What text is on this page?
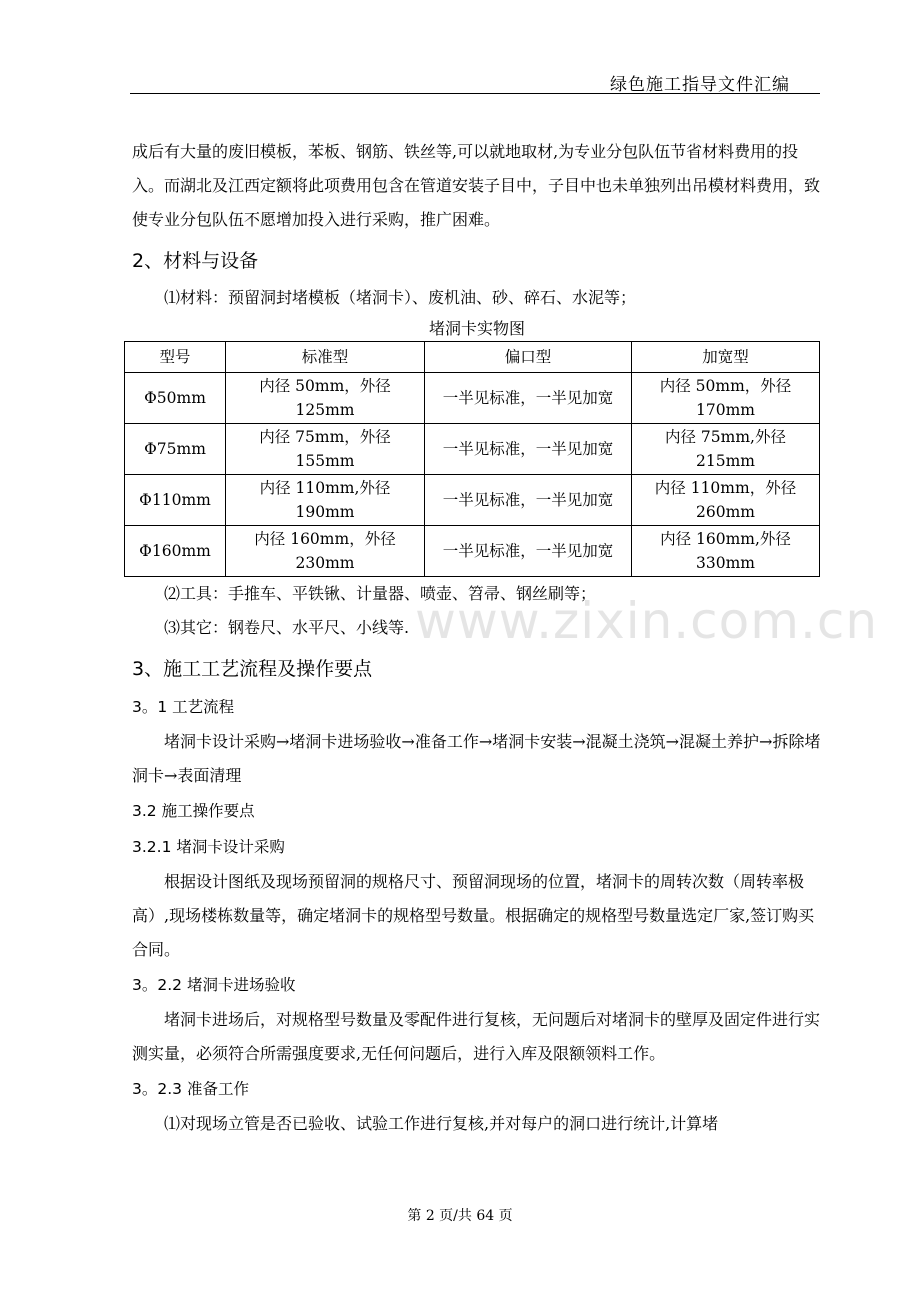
绿色施工指导文件汇编
www.zixin.com.cn

成后有大量的废旧模板，苯板、钢筋、铁丝等,可以就地取材,为专业分包队伍节省材料费用的投入。而湖北及江西定额将此项费用包含在管道安装子目中，子目中也未单独列出吊模材料费用，致使专业分包队伍不愿增加投入进行采购，推广困难。

2、材料与设备

⑴材料：预留洞封堵模板（堵洞卡）、废机油、砂、碎石、水泥等；

堵洞卡实物图
型号	标准型	偏口型	加宽型
Φ50mm	内径 50mm，外径 125mm	一半见标准，一半见加宽	内径 50mm，外径 170mm
Φ75mm	内径 75mm，外径 155mm	一半见标准，一半见加宽	内径 75mm,外径 215mm
Φ110mm	内径 110mm,外径 190mm	一半见标准，一半见加宽	内径 110mm，外径 260mm
Φ160mm	内径 160mm，外径 230mm	一半见标准，一半见加宽	内径 160mm,外径 330mm

⑵工具：手推车、平铁锹、计量器、喷壶、笤帚、钢丝刷等；

⑶其它：钢卷尺、水平尺、小线等.

3、施工工艺流程及操作要点
3。1 工艺流程

堵洞卡设计采购→堵洞卡进场验收→准备工作→堵洞卡安装→混凝土浇筑→混凝土养护→拆除堵洞卡→表面清理

3.2 施工操作要点
3.2.1 堵洞卡设计采购

根据设计图纸及现场预留洞的规格尺寸、预留洞现场的位置，堵洞卡的周转次数（周转率极高）,现场楼栋数量等，确定堵洞卡的规格型号数量。根据确定的规格型号数量选定厂家,签订购买合同。

3。2.2 堵洞卡进场验收

堵洞卡进场后，对规格型号数量及零配件进行复核，无问题后对堵洞卡的壁厚及固定件进行实测实量，必须符合所需强度要求,无任何问题后，进行入库及限额领料工作。

3。2.3 准备工作

⑴对现场立管是否已验收、试验工作进行复核,并对每户的洞口进行统计,计算堵

第 2 页/共 64 页
